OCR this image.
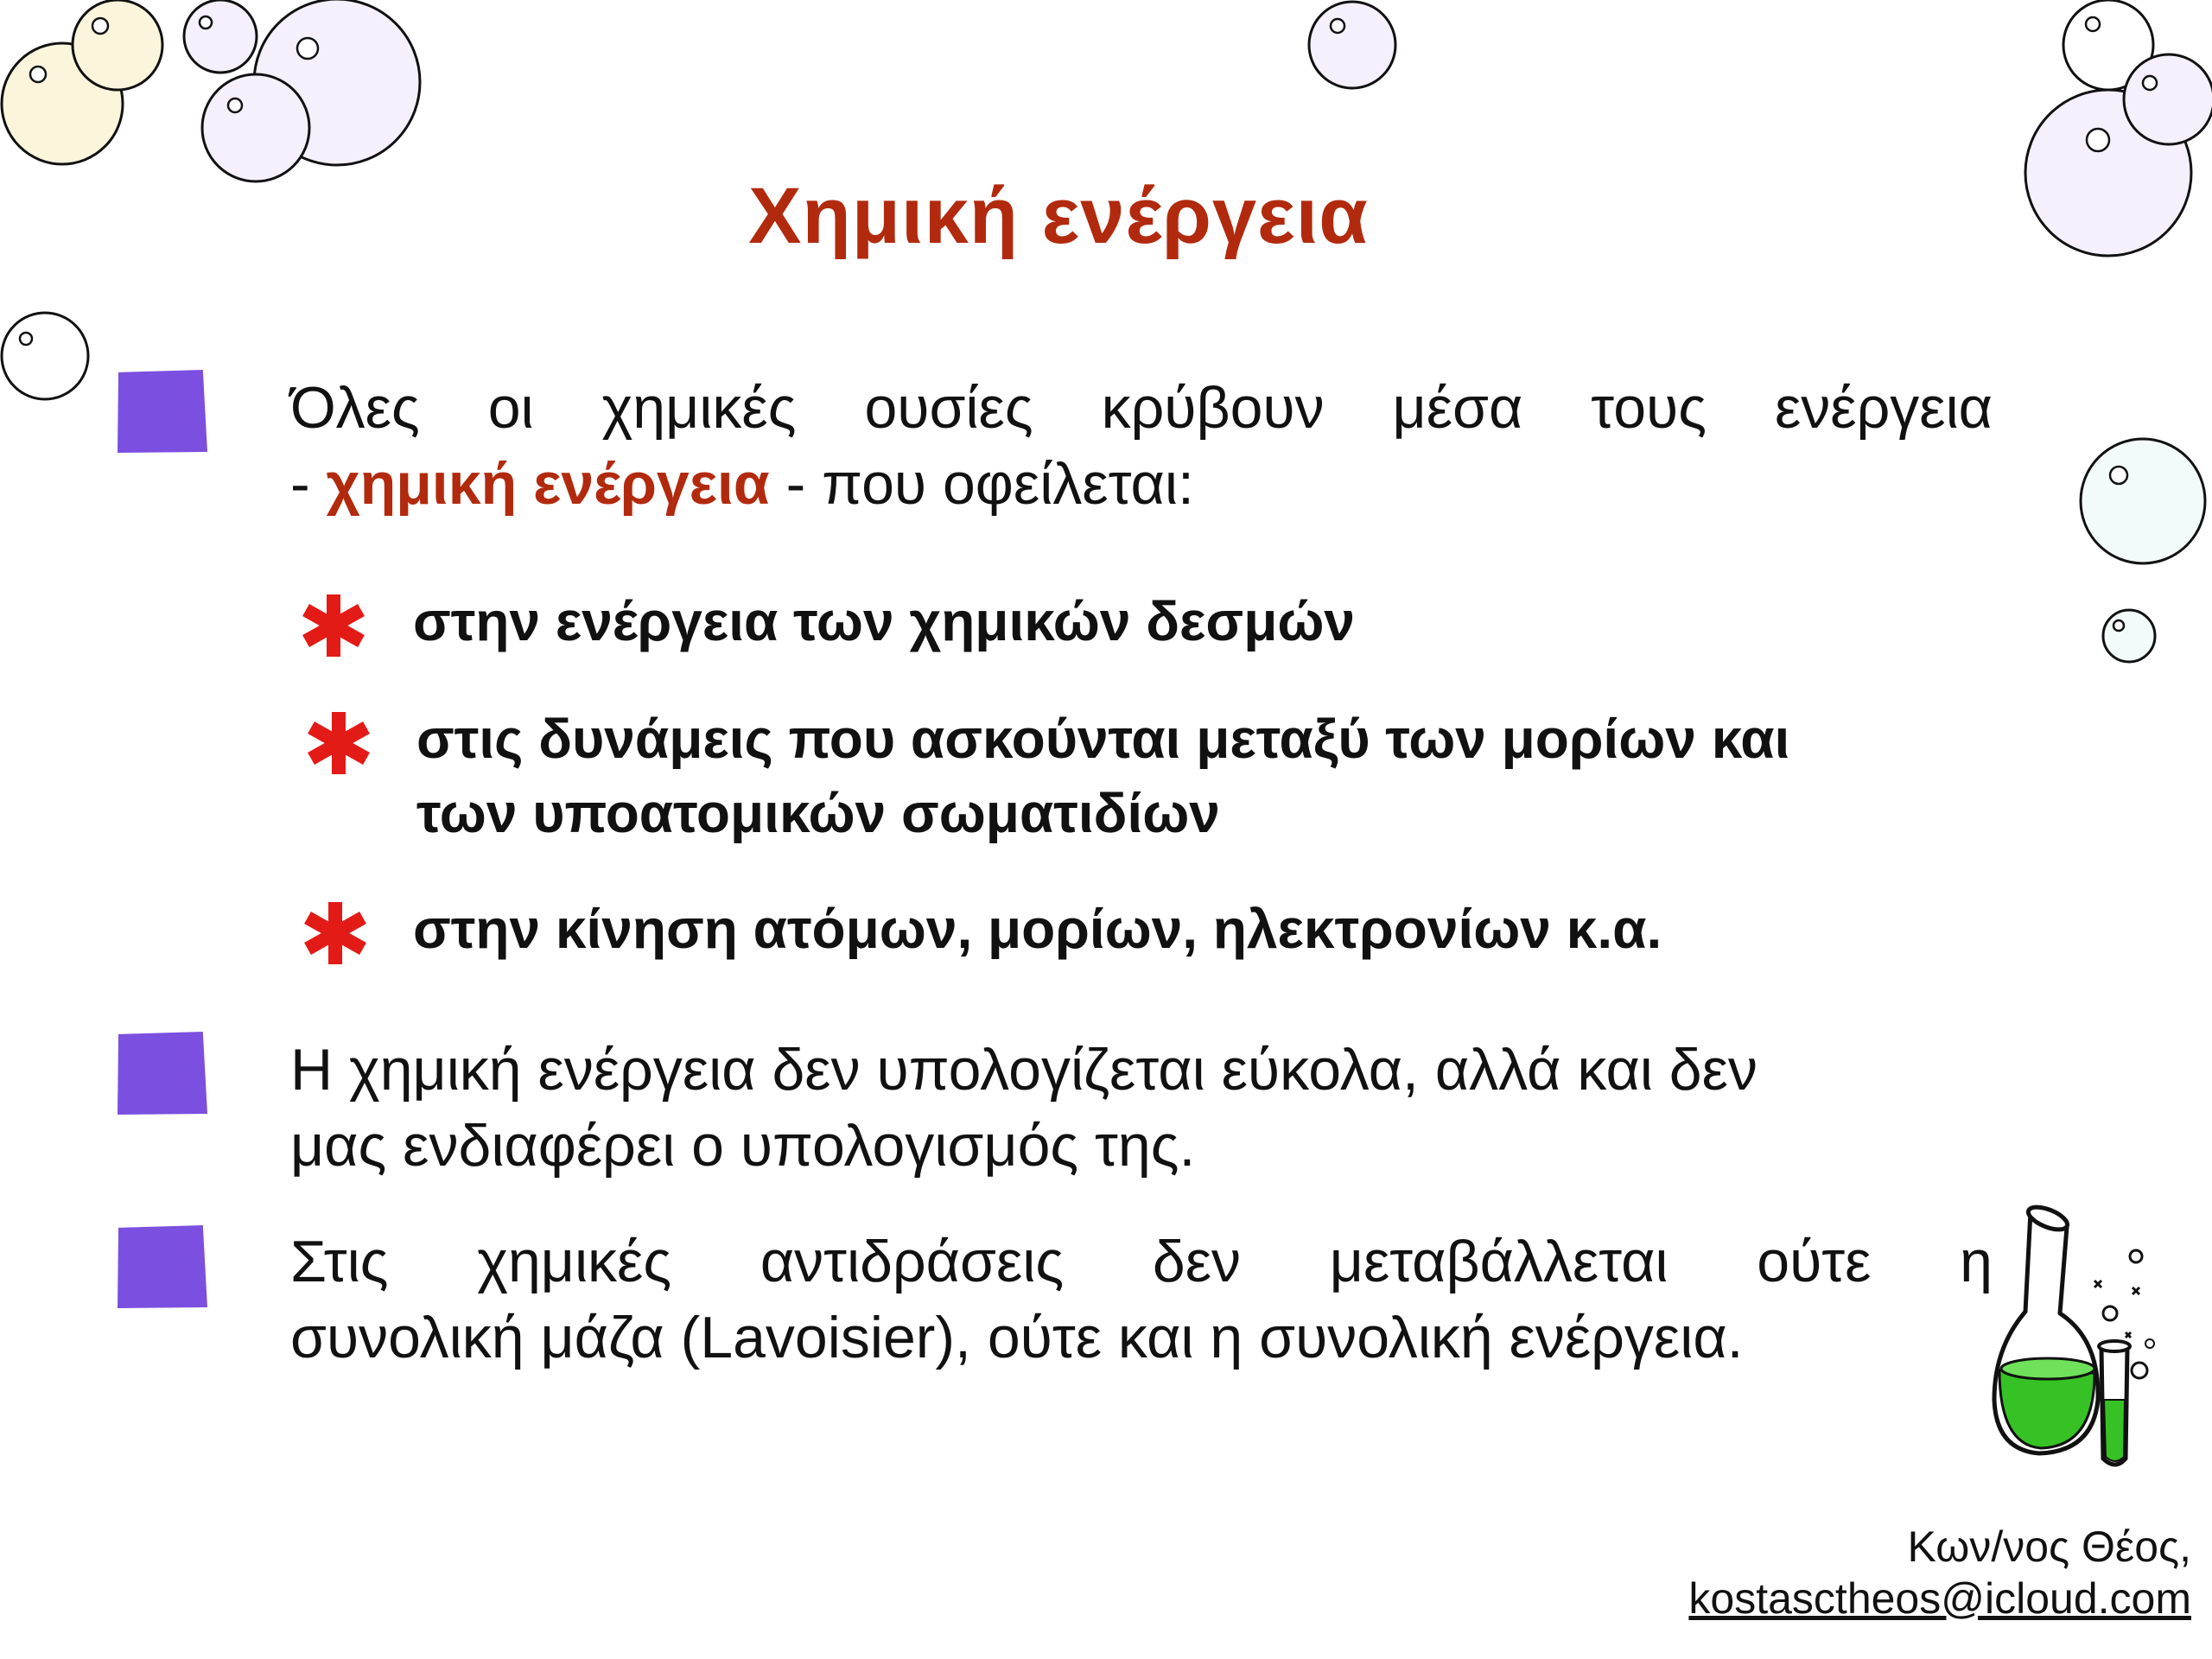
Χημική ενέργεια
Όλες οι χημικές ουσίες κρύβουν μέσα τους ενέργεια
- χημική ενέργεια - που οφείλεται:
στην ενέργεια των χημικών δεσμών
στις δυνάμεις που ασκούνται μεταξύ των μορίων και
των υποατομικών σωματιδίων
στην κίνηση ατόμων, μορίων, ηλεκτρονίων κ.α.
Η χημική ενέργεια δεν υπολογίζεται εύκολα, αλλά και δεν
μας ενδιαφέρει ο υπολογισμός της.
Στις χημικές αντιδράσεις δεν μεταβάλλεται ούτε η
συνολική μάζα (Lavoisier), ούτε και η συνολική ενέργεια.
Κων/νος Θέος,
kostasctheos@icloud.com
